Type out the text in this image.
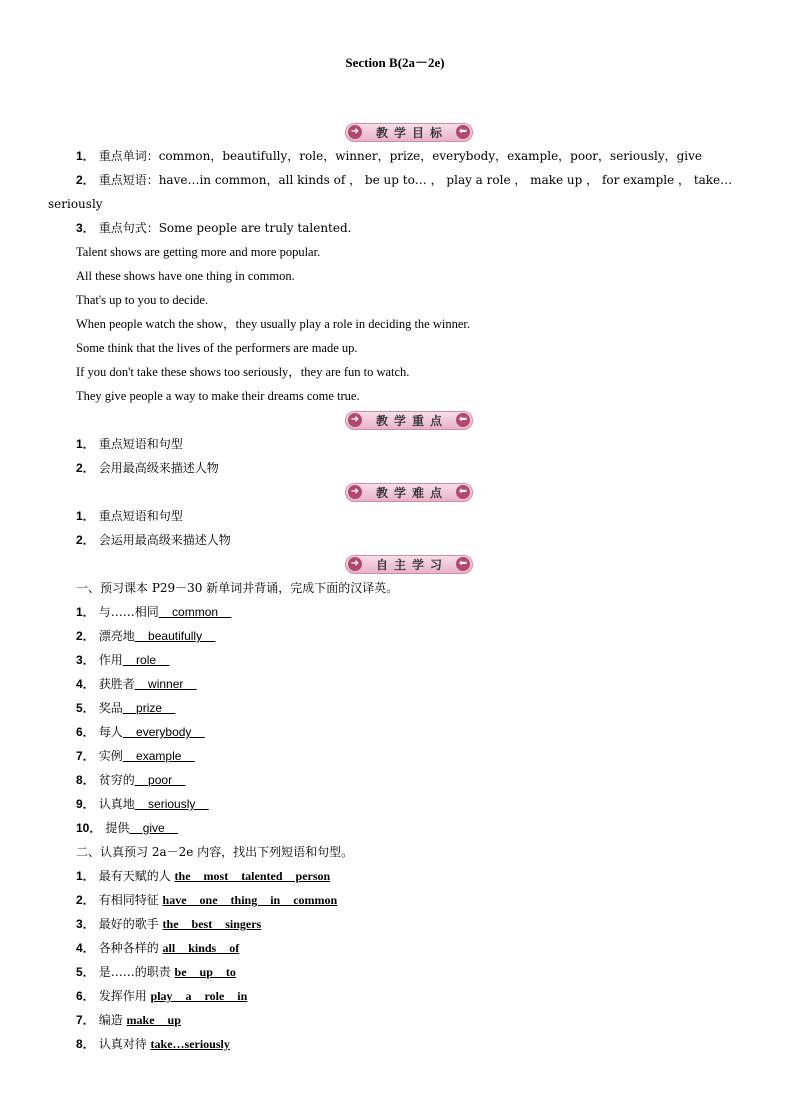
Section B(2a－2e)
➜	教学目标 ⬅
1． 重点单词：common，beautifully，role，winner，prize，everybody，example，poor，seriously，give
2． 重点短语：have…in common，all kinds of ， be up to… ， play a role ， make up ， for example ， take…
seriously
3． 重点句式：Some people are truly talented.
Talent shows are getting more and more popular.
All these shows have one thing in common.
That's up to you to decide.
When people watch the show，they usually play a role in deciding the winner.
Some think that the lives of the performers are made up.
If you don't take these shows too seriously，they are fun to watch.
They give people a way to make their dreams come true.
➜	教学重点 ⬅
1． 重点短语和句型
2． 会用最高级来描述人物
➜	教学难点 ⬅
1． 重点短语和句型
2． 会运用最高级来描述人物
➜	自主学习 ⬅
一、预习课本 P29－30 新单词并背诵，完成下面的汉译英。
1． 与……相同 common
2． 漂亮地 beautifully
3． 作用 role
4． 获胜者 winner
5． 奖品 prize
6． 每人 everybody
7． 实例 example
8． 贫穷的 poor
9． 认真地 seriously
10． 提供 give
二、认真预习 2a－2e 内容，找出下列短语和句型。
1． 最有天赋的人 the most talented person
2． 有相同特征 have one thing in common
3． 最好的歌手 the best singers
4． 各种各样的 all kinds of
5． 是……的职责 be up to
6． 发挥作用 play a role in
7． 编造 make up
8． 认真对待 take…seriously
